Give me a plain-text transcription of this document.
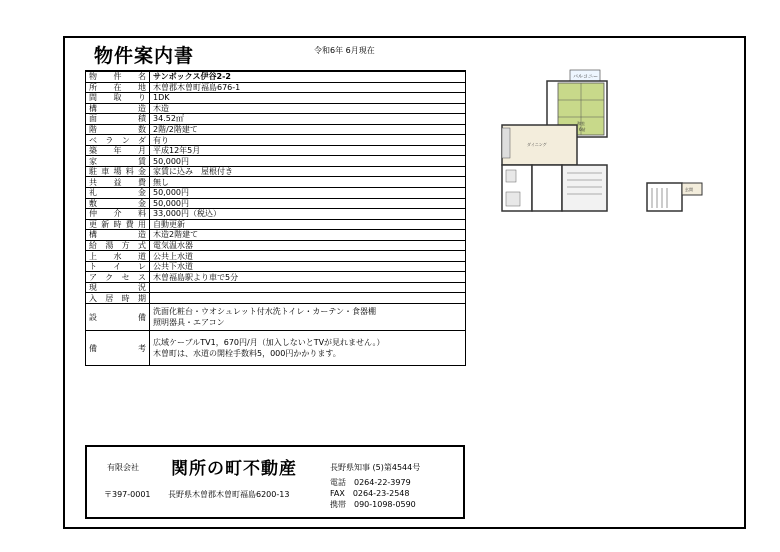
物件案内書	令和6年 6月現在
物件名	サンボックス伊谷2-2
所在地	木曽郡木曽町福島676-1
間取り	1DK
構造	木造
面積	34.52㎡
階数	2階/2階建て
ベランダ	有り
築年月	平成12年5月
家賃	50,000円
駐車場料金	家賃に込み　屋根付き
共益費	無し
礼金	50,000円
敷金	50,000円
仲介料	33,000円（税込）
更新時費用	自動更新
構造	木造2階建て
給湯方式	電気温水器
上水道	公共上水道
トイレ	公共下水道
アクセス	木曽福島駅より車で5分
現況	
入居時期	
設備	洗面化粧台・ウオシュレット付水洗トイレ・カーテン・食器棚
照明器具・エアコン

備考	広域ケーブルTV1，670円/月（加入しないとTVが見れません。）
木曽町は、水道の開栓手数料5，000円かかります。
有限会社 関所の町不動産	長野県知事 (5)第4544号
〒397-0001 長野県木曽郡木曽町福島6200-13
電話　0264-22-3979
FAX　0264-23-2548
携帯　090-1098-0590
バルコニー
和室
6帖
ダイニング
玄関
